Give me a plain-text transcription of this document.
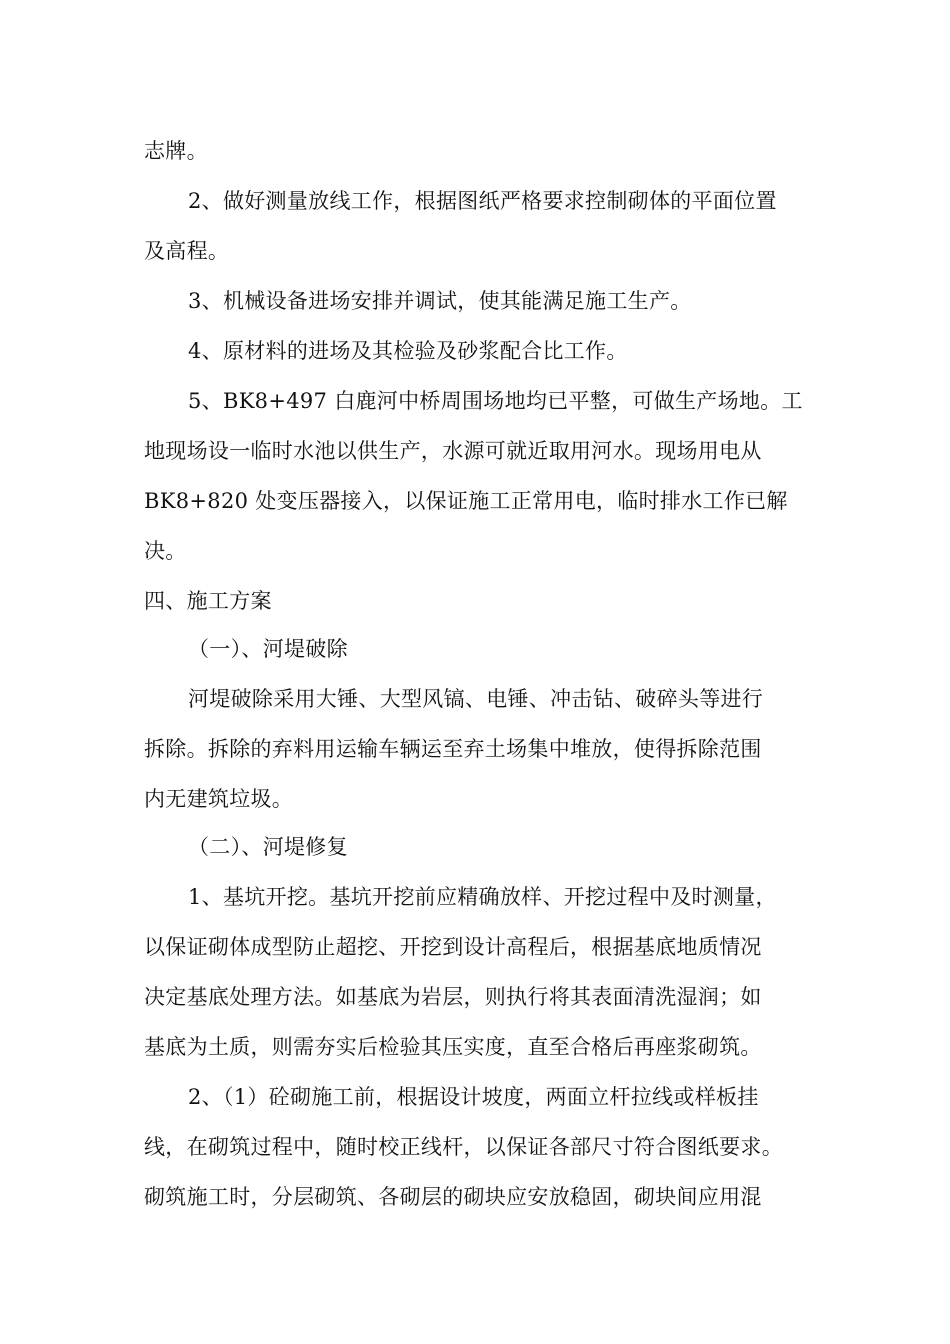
志牌。
2、做好测量放线工作，根据图纸严格要求控制砌体的平面位置
及高程。
3、机械设备进场安排并调试，使其能满足施工生产。
4、原材料的进场及其检验及砂浆配合比工作。
5、BK8+497 白鹿河中桥周围场地均已平整，可做生产场地。工
地现场设一临时水池以供生产，水源可就近取用河水。现场用电从
BK8+820 处变压器接入，以保证施工正常用电，临时排水工作已解
决。
四、施工方案
（一）、河堤破除
河堤破除采用大锤、大型风镐、电锤、冲击钻、破碎头等进行
拆除。拆除的弃料用运输车辆运至弃土场集中堆放，使得拆除范围
内无建筑垃圾。
（二）、河堤修复
1、基坑开挖。基坑开挖前应精确放样、开挖过程中及时测量，
以保证砌体成型防止超挖、开挖到设计高程后，根据基底地质情况
决定基底处理方法。如基底为岩层，则执行将其表面清洗湿润；如
基底为土质，则需夯实后检验其压实度，直至合格后再座浆砌筑。
2、（1）砼砌施工前，根据设计坡度，两面立杆拉线或样板挂
线，在砌筑过程中，随时校正线杆，以保证各部尺寸符合图纸要求。
砌筑施工时，分层砌筑、各砌层的砌块应安放稳固，砌块间应用混
